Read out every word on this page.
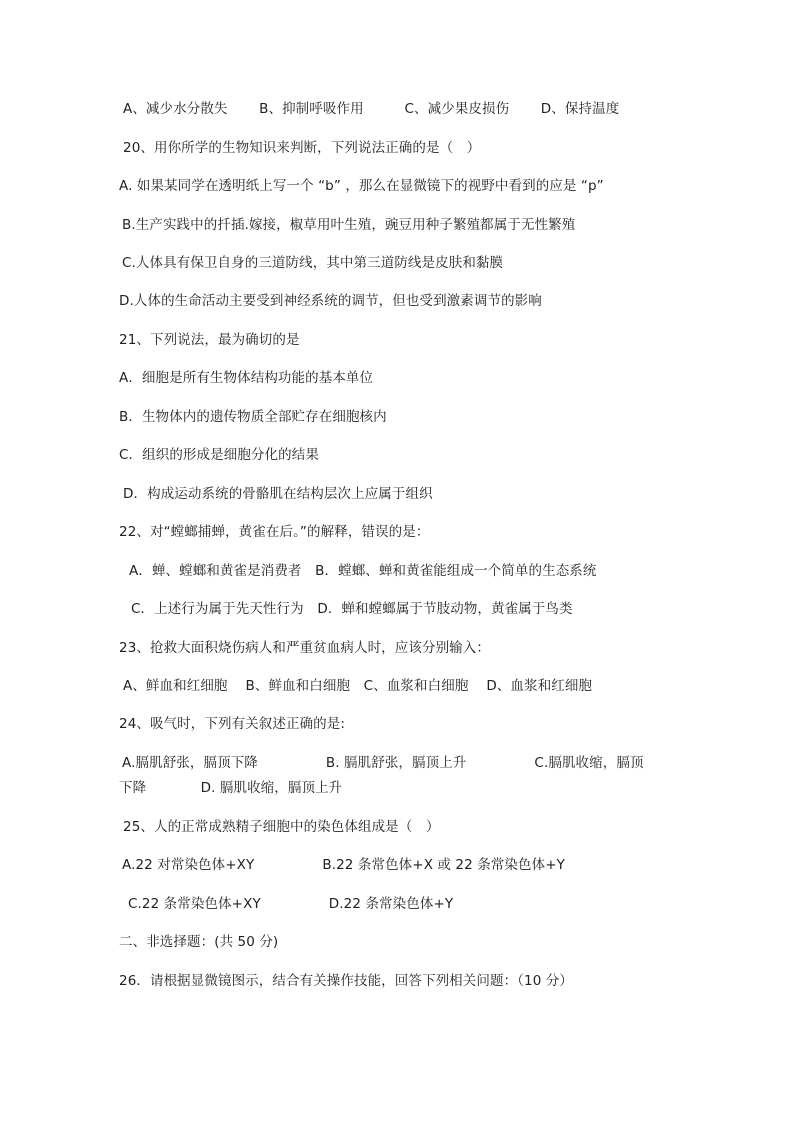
A、减少水分散失　　 B、抑制呼吸作用　　　C、减少果皮损伤　　 D、保持温度
20、用你所学的生物知识来判断，下列说法正确的是（　）
A. 如果某同学在透明纸上写一个 “b” ，那么在显微镜下的视野中看到的应是 “p”
B.生产实践中的扦插.嫁接，椒草用叶生殖，豌豆用种子繁殖都属于无性繁殖
C.人体具有保卫自身的三道防线，其中第三道防线是皮肤和黏膜
D.人体的生命活动主要受到神经系统的调节，但也受到激素调节的影响
21、下列说法，最为确切的是
A．细胞是所有生物体结构功能的基本单位
B．生物体内的遗传物质全部贮存在细胞核内
C．组织的形成是细胞分化的结果
D．构成运动系统的骨骼肌在结构层次上应属于组织
22、对“螳螂捕蝉，黄雀在后。”的解释，错误的是：
A．蝉、螳螂和黄雀是消费者　B．螳螂、蝉和黄雀能组成一个简单的生态系统
C．上述行为属于先天性行为　D．蝉和螳螂属于节肢动物，黄雀属于鸟类
23、抢救大面积烧伤病人和严重贫血病人时，应该分别输入：
A、鲜血和红细胞　 B、鲜血和白细胞　C、血浆和白细胞　 D、血浆和红细胞
24、吸气时，下列有关叙述正确的是:
A.膈肌舒张，膈顶下降　　　　　B. 膈肌舒张，膈顶上升　　　　　C.膈肌收缩，膈顶
下降　　　　D. 膈肌收缩，膈顶上升
25、人的正常成熟精子细胞中的染色体组成是（　）
A.22 对常染色体+XY　　　　　B.22 条常色体+X 或 22 条常染色体+Y
C.22 条常染色体+XY　　　　　D.22 条常染色体+Y
二、非选择题：(共 50 分)
26．请根据显微镜图示，结合有关操作技能，回答下列相关问题：（10 分）
